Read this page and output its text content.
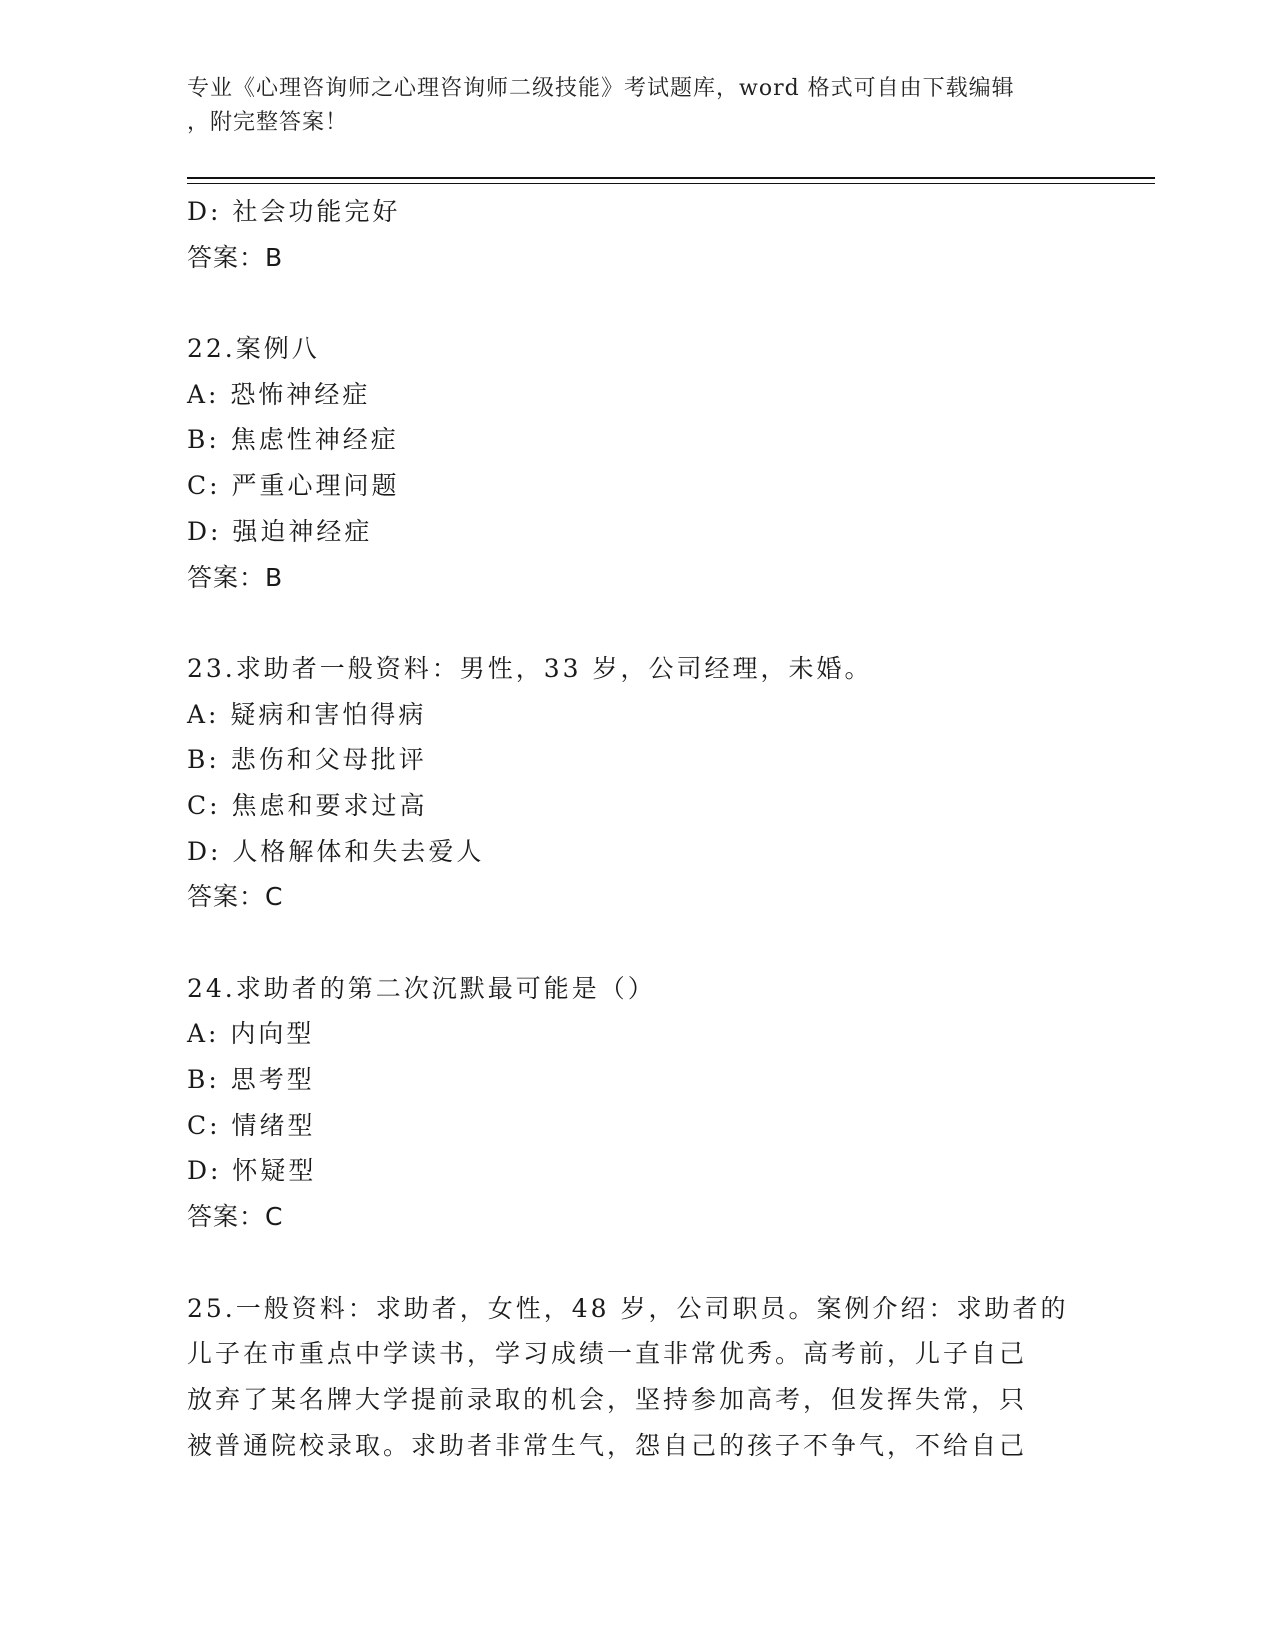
专业《心理咨询师之心理咨询师二级技能》考试题库，word 格式可自由下载编辑
，附完整答案！
D: 社会功能完好
答案：B
22.案例八
A: 恐怖神经症
B: 焦虑性神经症
C: 严重心理问题
D: 强迫神经症
答案：B
23.求助者一般资料：男性，33 岁，公司经理，未婚。
A: 疑病和害怕得病
B: 悲伤和父母批评
C: 焦虑和要求过高
D: 人格解体和失去爱人
答案：C
24.求助者的第二次沉默最可能是（）
A: 内向型
B: 思考型
C: 情绪型
D: 怀疑型
答案：C
25.一般资料：求助者，女性，48 岁，公司职员。案例介绍：求助者的
儿子在市重点中学读书，学习成绩一直非常优秀。高考前，儿子自己
放弃了某名牌大学提前录取的机会，坚持参加高考，但发挥失常，只
被普通院校录取。求助者非常生气，怨自己的孩子不争气，不给自己
